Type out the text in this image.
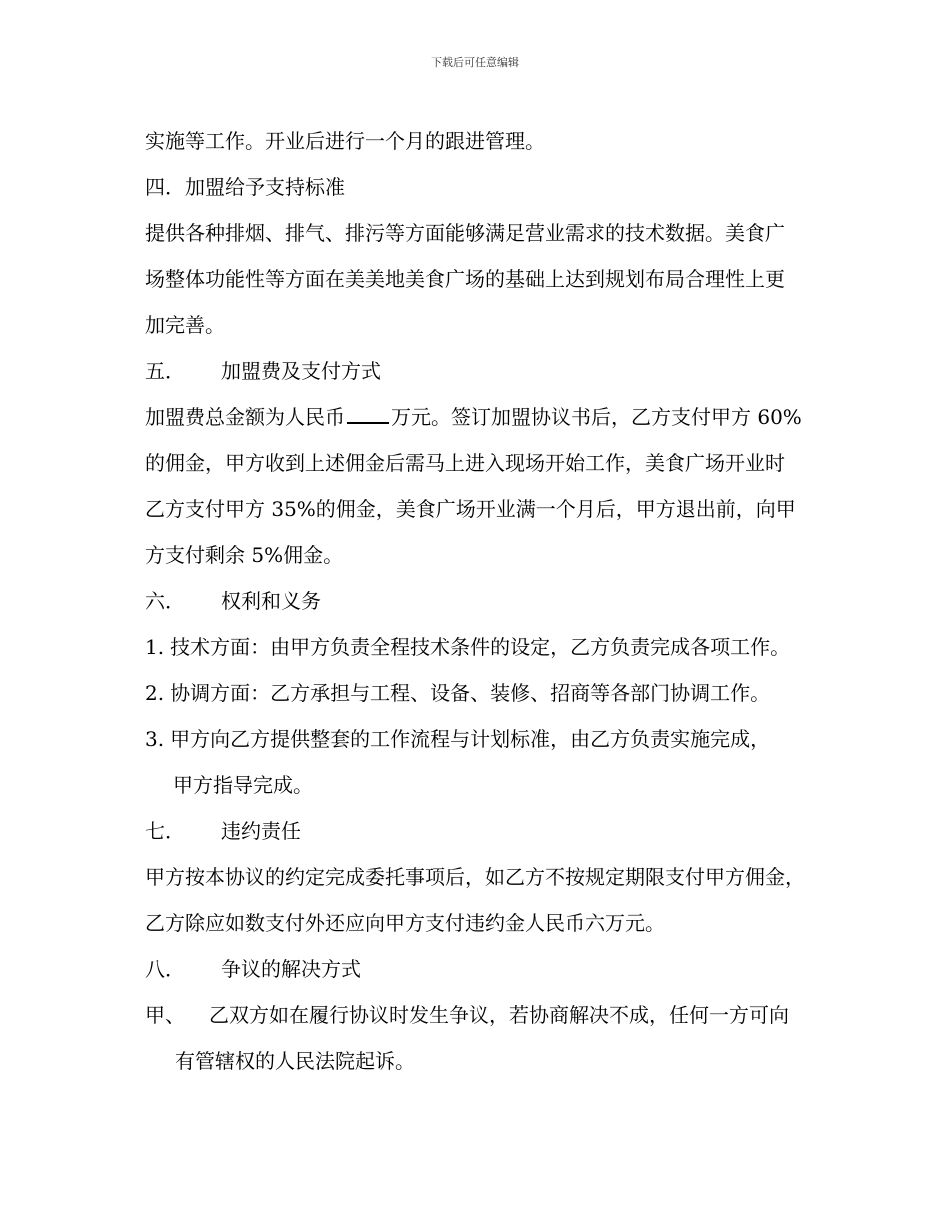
下载后可任意编辑
实施等工作。开业后进行一个月的跟进管理。
四．加盟给予支持标准
提供各种排烟、排气、排污等方面能够满足营业需求的技术数据。美食广
场整体功能性等方面在美美地美食广场的基础上达到规划布局合理性上更
加完善。
五． 加盟费及支付方式
加盟费总金额为人民币 万元。签订加盟协议书后，乙方支付甲方 60%
的佣金，甲方收到上述佣金后需马上进入现场开始工作，美食广场开业时
乙方支付甲方 35%的佣金，美食广场开业满一个月后，甲方退出前，向甲
方支付剩余 5%佣金。
六． 权利和义务
1. 技术方面：由甲方负责全程技术条件的设定，乙方负责完成各项工作。
2. 协调方面：乙方承担与工程、设备、装修、招商等各部门协调工作。
3. 甲方向乙方提供整套的工作流程与计划标准，由乙方负责实施完成，
甲方指导完成。
七． 违约责任
甲方按本协议的约定完成委托事项后，如乙方不按规定期限支付甲方佣金，
乙方除应如数支付外还应向甲方支付违约金人民币六万元。
八． 争议的解决方式
甲、 乙双方如在履行协议时发生争议，若协商解决不成，任何一方可向
有管辖权的人民法院起诉。
